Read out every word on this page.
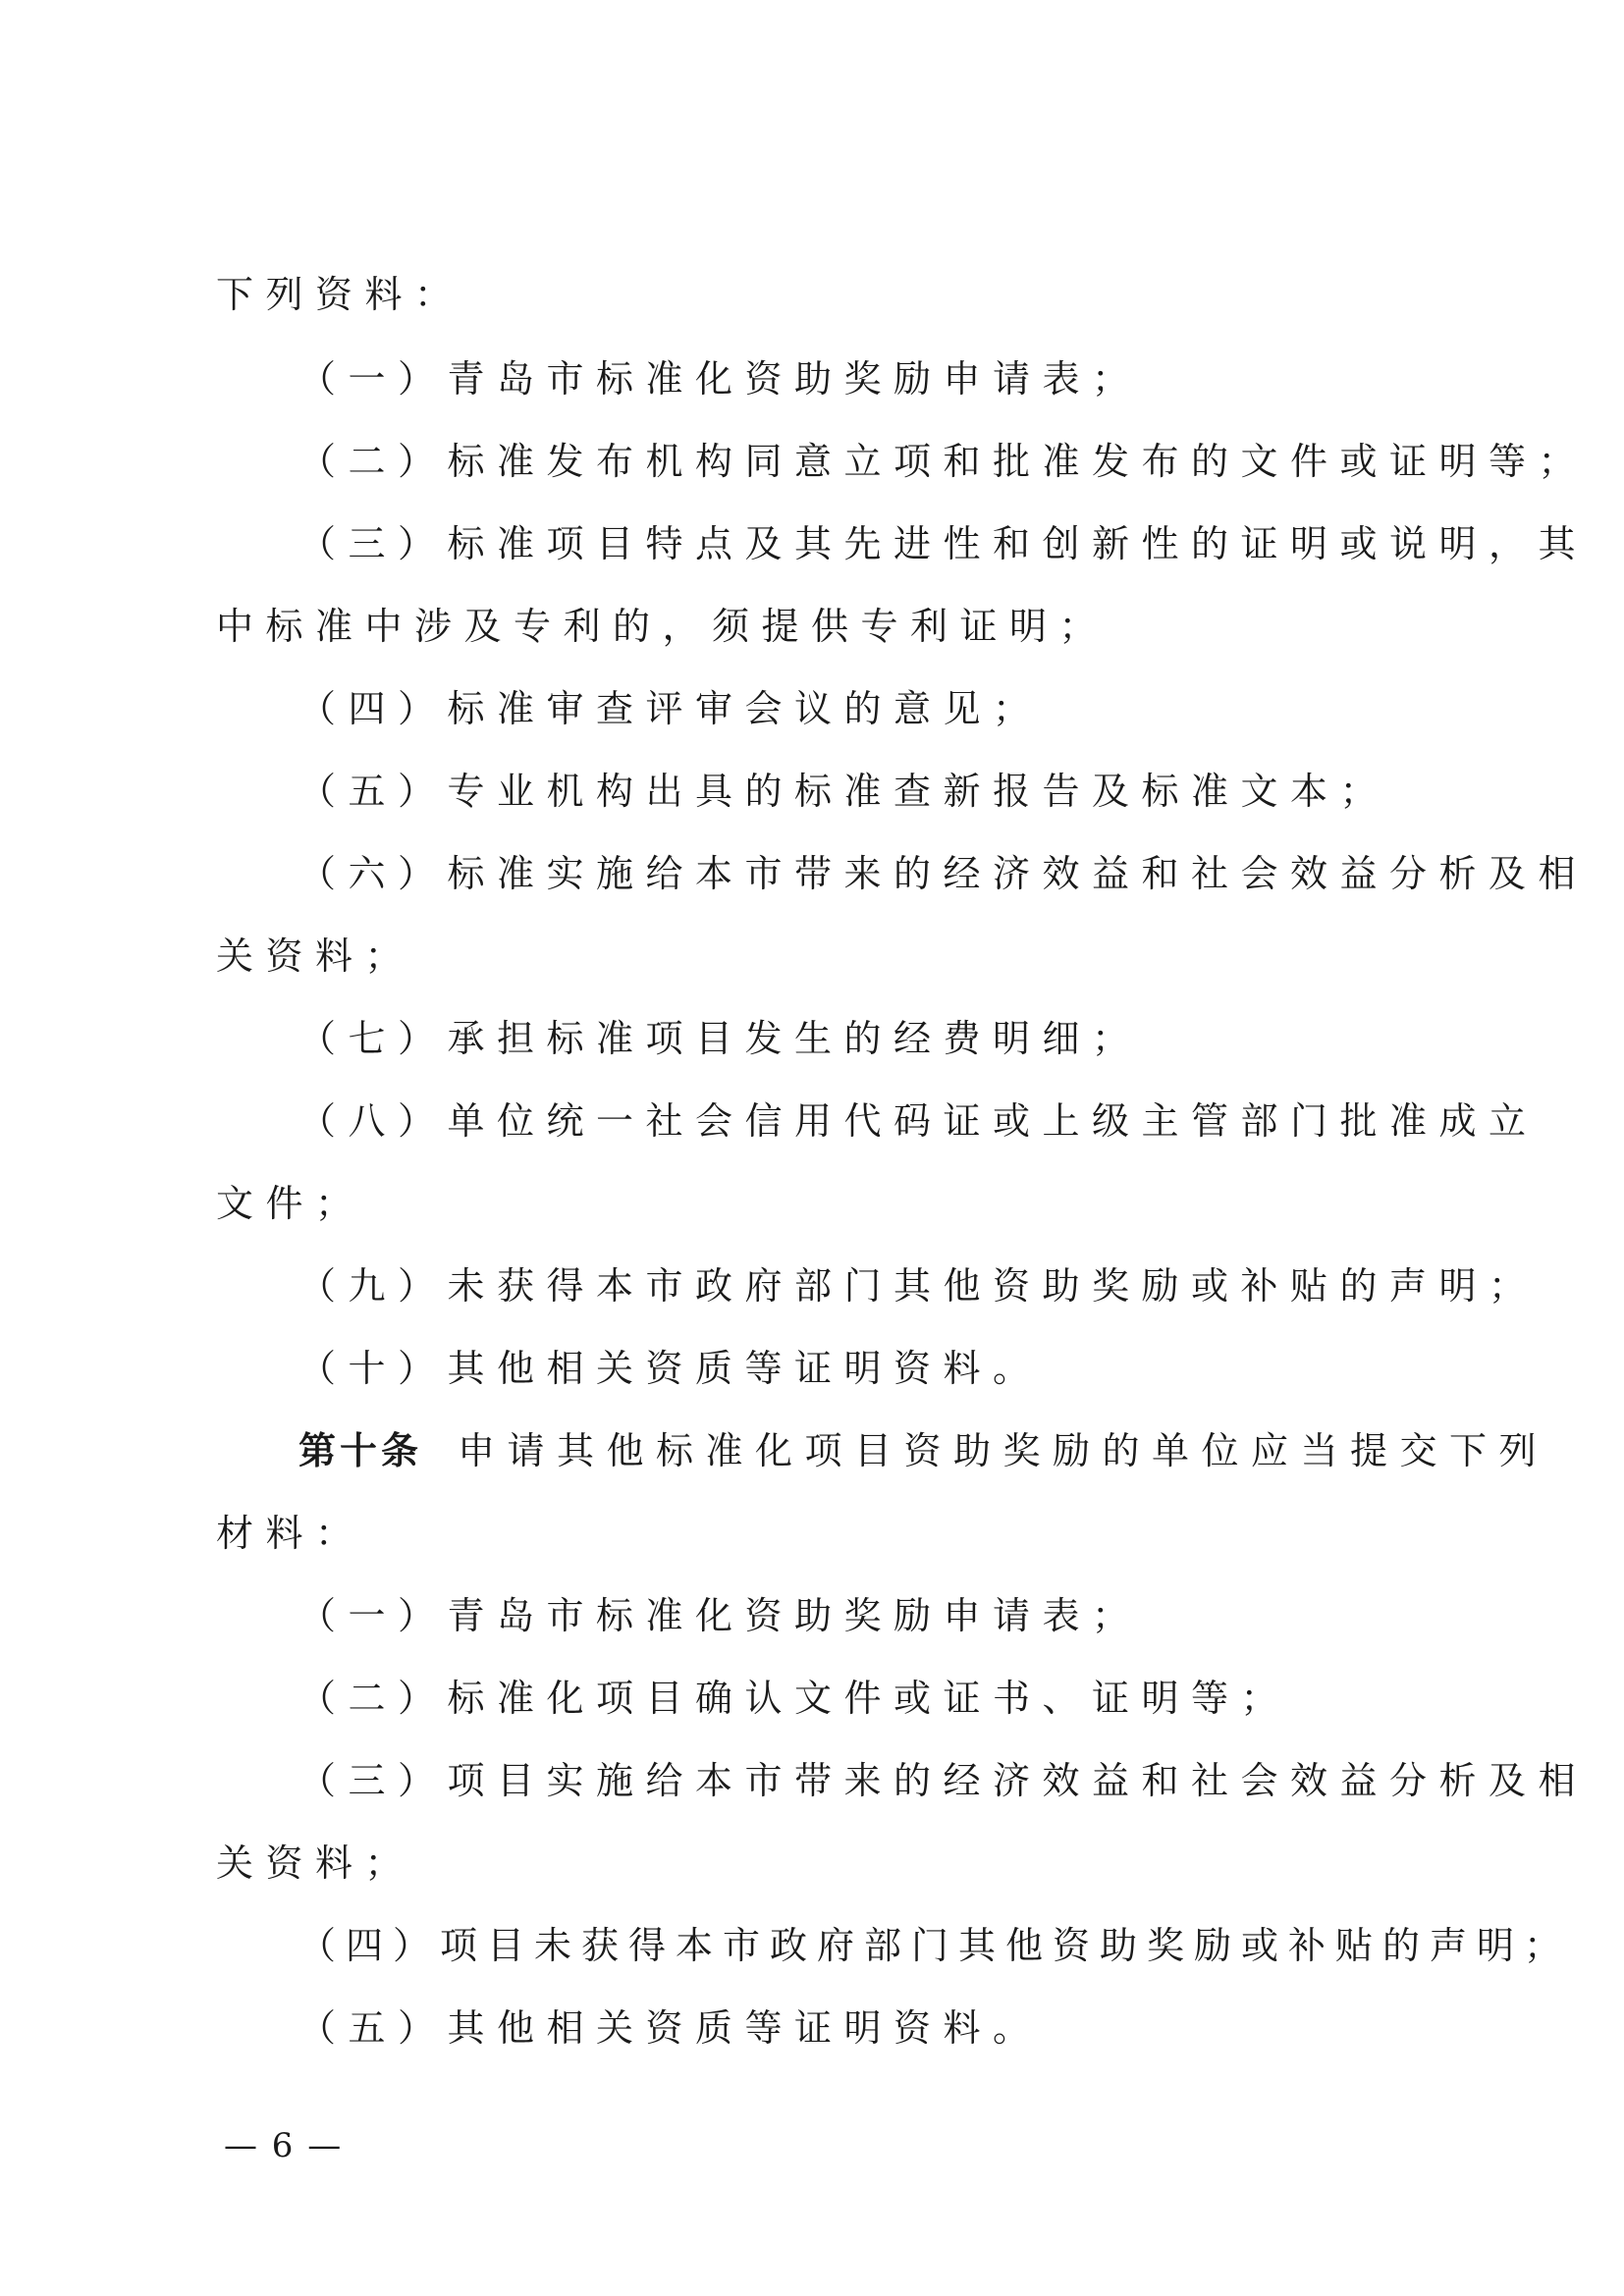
下列资料：
（一）青岛市标准化资助奖励申请表；
（二）标准发布机构同意立项和批准发布的文件或证明等；
（三）标准项目特点及其先进性和创新性的证明或说明，其
中标准中涉及专利的，须提供专利证明；
（四）标准审查评审会议的意见；
（五）专业机构出具的标准查新报告及标准文本；
（六）标准实施给本市带来的经济效益和社会效益分析及相
关资料；
（七）承担标准项目发生的经费明细；
（八）单位统一社会信用代码证或上级主管部门批准成立
文件；
（九）未获得本市政府部门其他资助奖励或补贴的声明；
（十）其他相关资质等证明资料。
第十条 申请其他标准化项目资助奖励的单位应当提交下列
材料：
（一）青岛市标准化资助奖励申请表；
（二）标准化项目确认文件或证书、证明等；
（三）项目实施给本市带来的经济效益和社会效益分析及相
关资料；
（四）项目未获得本市政府部门其他资助奖励或补贴的声明；
（五）其他相关资质等证明资料。
— 6 —
